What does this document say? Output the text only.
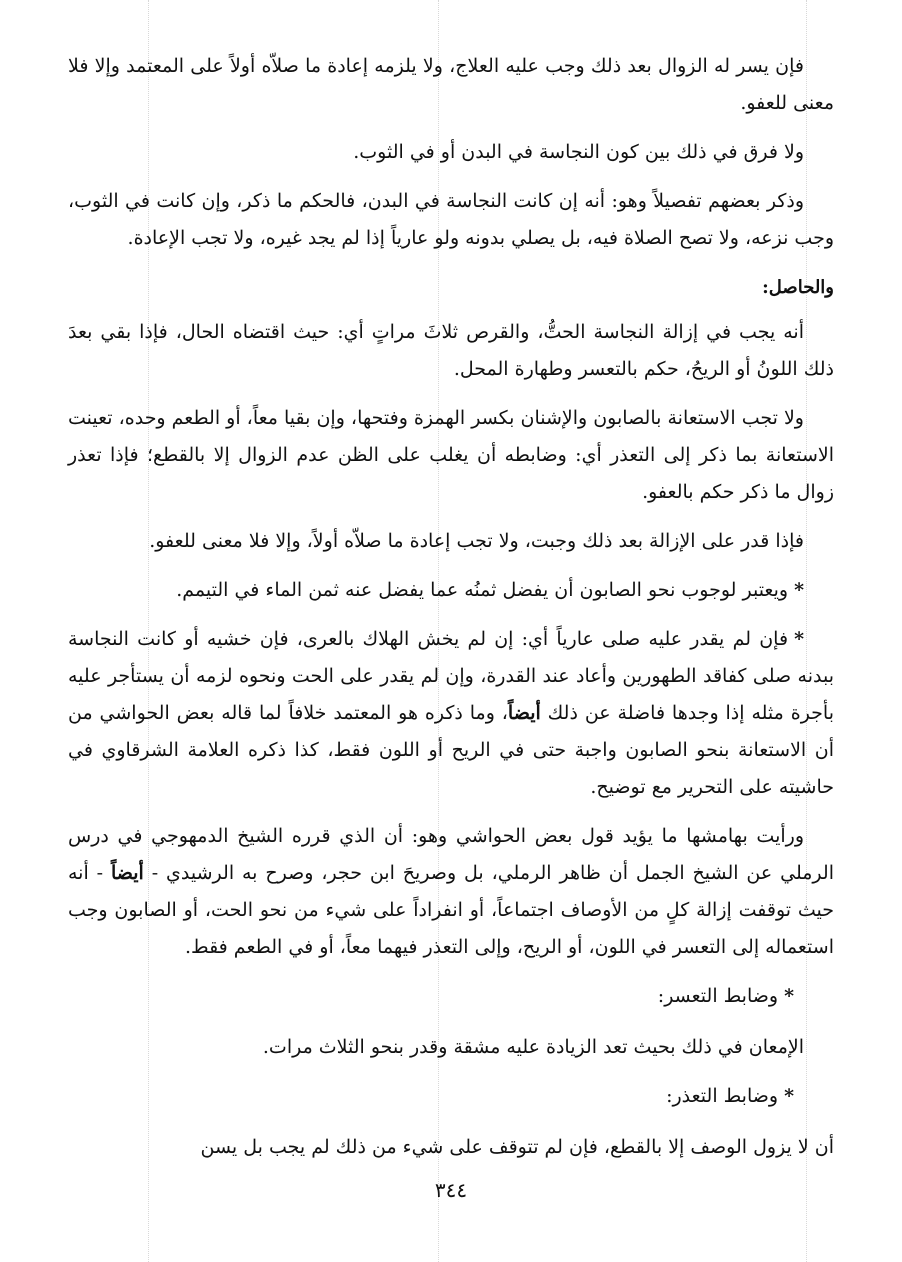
فإن يسر له الزوال بعد ذلك وجب عليه العلاج، ولا يلزمه إعادة ما صلاّه أولاً على المعتمد وإلا فلا معنى للعفو.

ولا فرق في ذلك بين كون النجاسة في البدن أو في الثوب.

وذكر بعضهم تفصيلاً وهو: أنه إن كانت النجاسة في البدن، فالحكم ما ذكر، وإن كانت في الثوب، وجب نزعه، ولا تصح الصلاة فيه، بل يصلي بدونه ولو عارياً إذا لم يجد غيره، ولا تجب الإعادة.

والحاصل:

أنه يجب في إزالة النجاسة الحتُّ، والقرص ثلاثَ مراتٍ أي: حيث اقتضاه الحال، فإذا بقي بعدَ ذلك اللونُ أو الريحُ، حكم بالتعسر وطهارة المحل.

ولا تجب الاستعانة بالصابون والإشنان بكسر الهمزة وفتحها، وإن بقيا معاً، أو الطعم وحده، تعينت الاستعانة بما ذكر إلى التعذر أي: وضابطه أن يغلب على الظن عدم الزوال إلا بالقطع؛ فإذا تعذر زوال ما ذكر حكم بالعفو.

فإذا قدر على الإزالة بعد ذلك وجبت، ولا تجب إعادة ما صلاّه أولاً، وإلا فلا معنى للعفو.

*ويعتبر لوجوب نحو الصابون أن يفضل ثمنُه عما يفضل عنه ثمن الماء في التيمم.

*فإن لم يقدر عليه صلى عارياً أي: إن لم يخش الهلاك بالعرى، فإن خشيه أو كانت النجاسة ببدنه صلى كفاقد الطهورين وأعاد عند القدرة، وإن لم يقدر على الحت ونحوه لزمه أن يستأجر عليه بأجرة مثله إذا وجدها فاضلة عن ذلك أيضاً، وما ذكره هو المعتمد خلافاً لما قاله بعض الحواشي من أن الاستعانة بنحو الصابون واجبة حتى في الريح أو اللون فقط، كذا ذكره العلامة الشرقاوي في حاشيته على التحرير مع توضيح.

ورأيت بهامشها ما يؤيد قول بعض الحواشي وهو: أن الذي قرره الشيخ الدمهوجي في درس الرملي عن الشيخ الجمل أن ظاهر الرملي، بل وصريحَ ابن حجر، وصرح به الرشيدي - أيضاً - أنه حيث توقفت إزالة كلٍ من الأوصاف اجتماعاً، أو انفراداً على شيء من نحو الحت، أو الصابون وجب استعماله إلى التعسر في اللون، أو الريح، وإلى التعذر فيهما معاً، أو في الطعم فقط.

*وضابط التعسر:

الإمعان في ذلك بحيث تعد الزيادة عليه مشقة وقدر بنحو الثلاث مرات.

*وضابط التعذر:

أن لا يزول الوصف إلا بالقطع، فإن لم تتوقف على شيء من ذلك لم يجب بل يسن

٣٤٤
